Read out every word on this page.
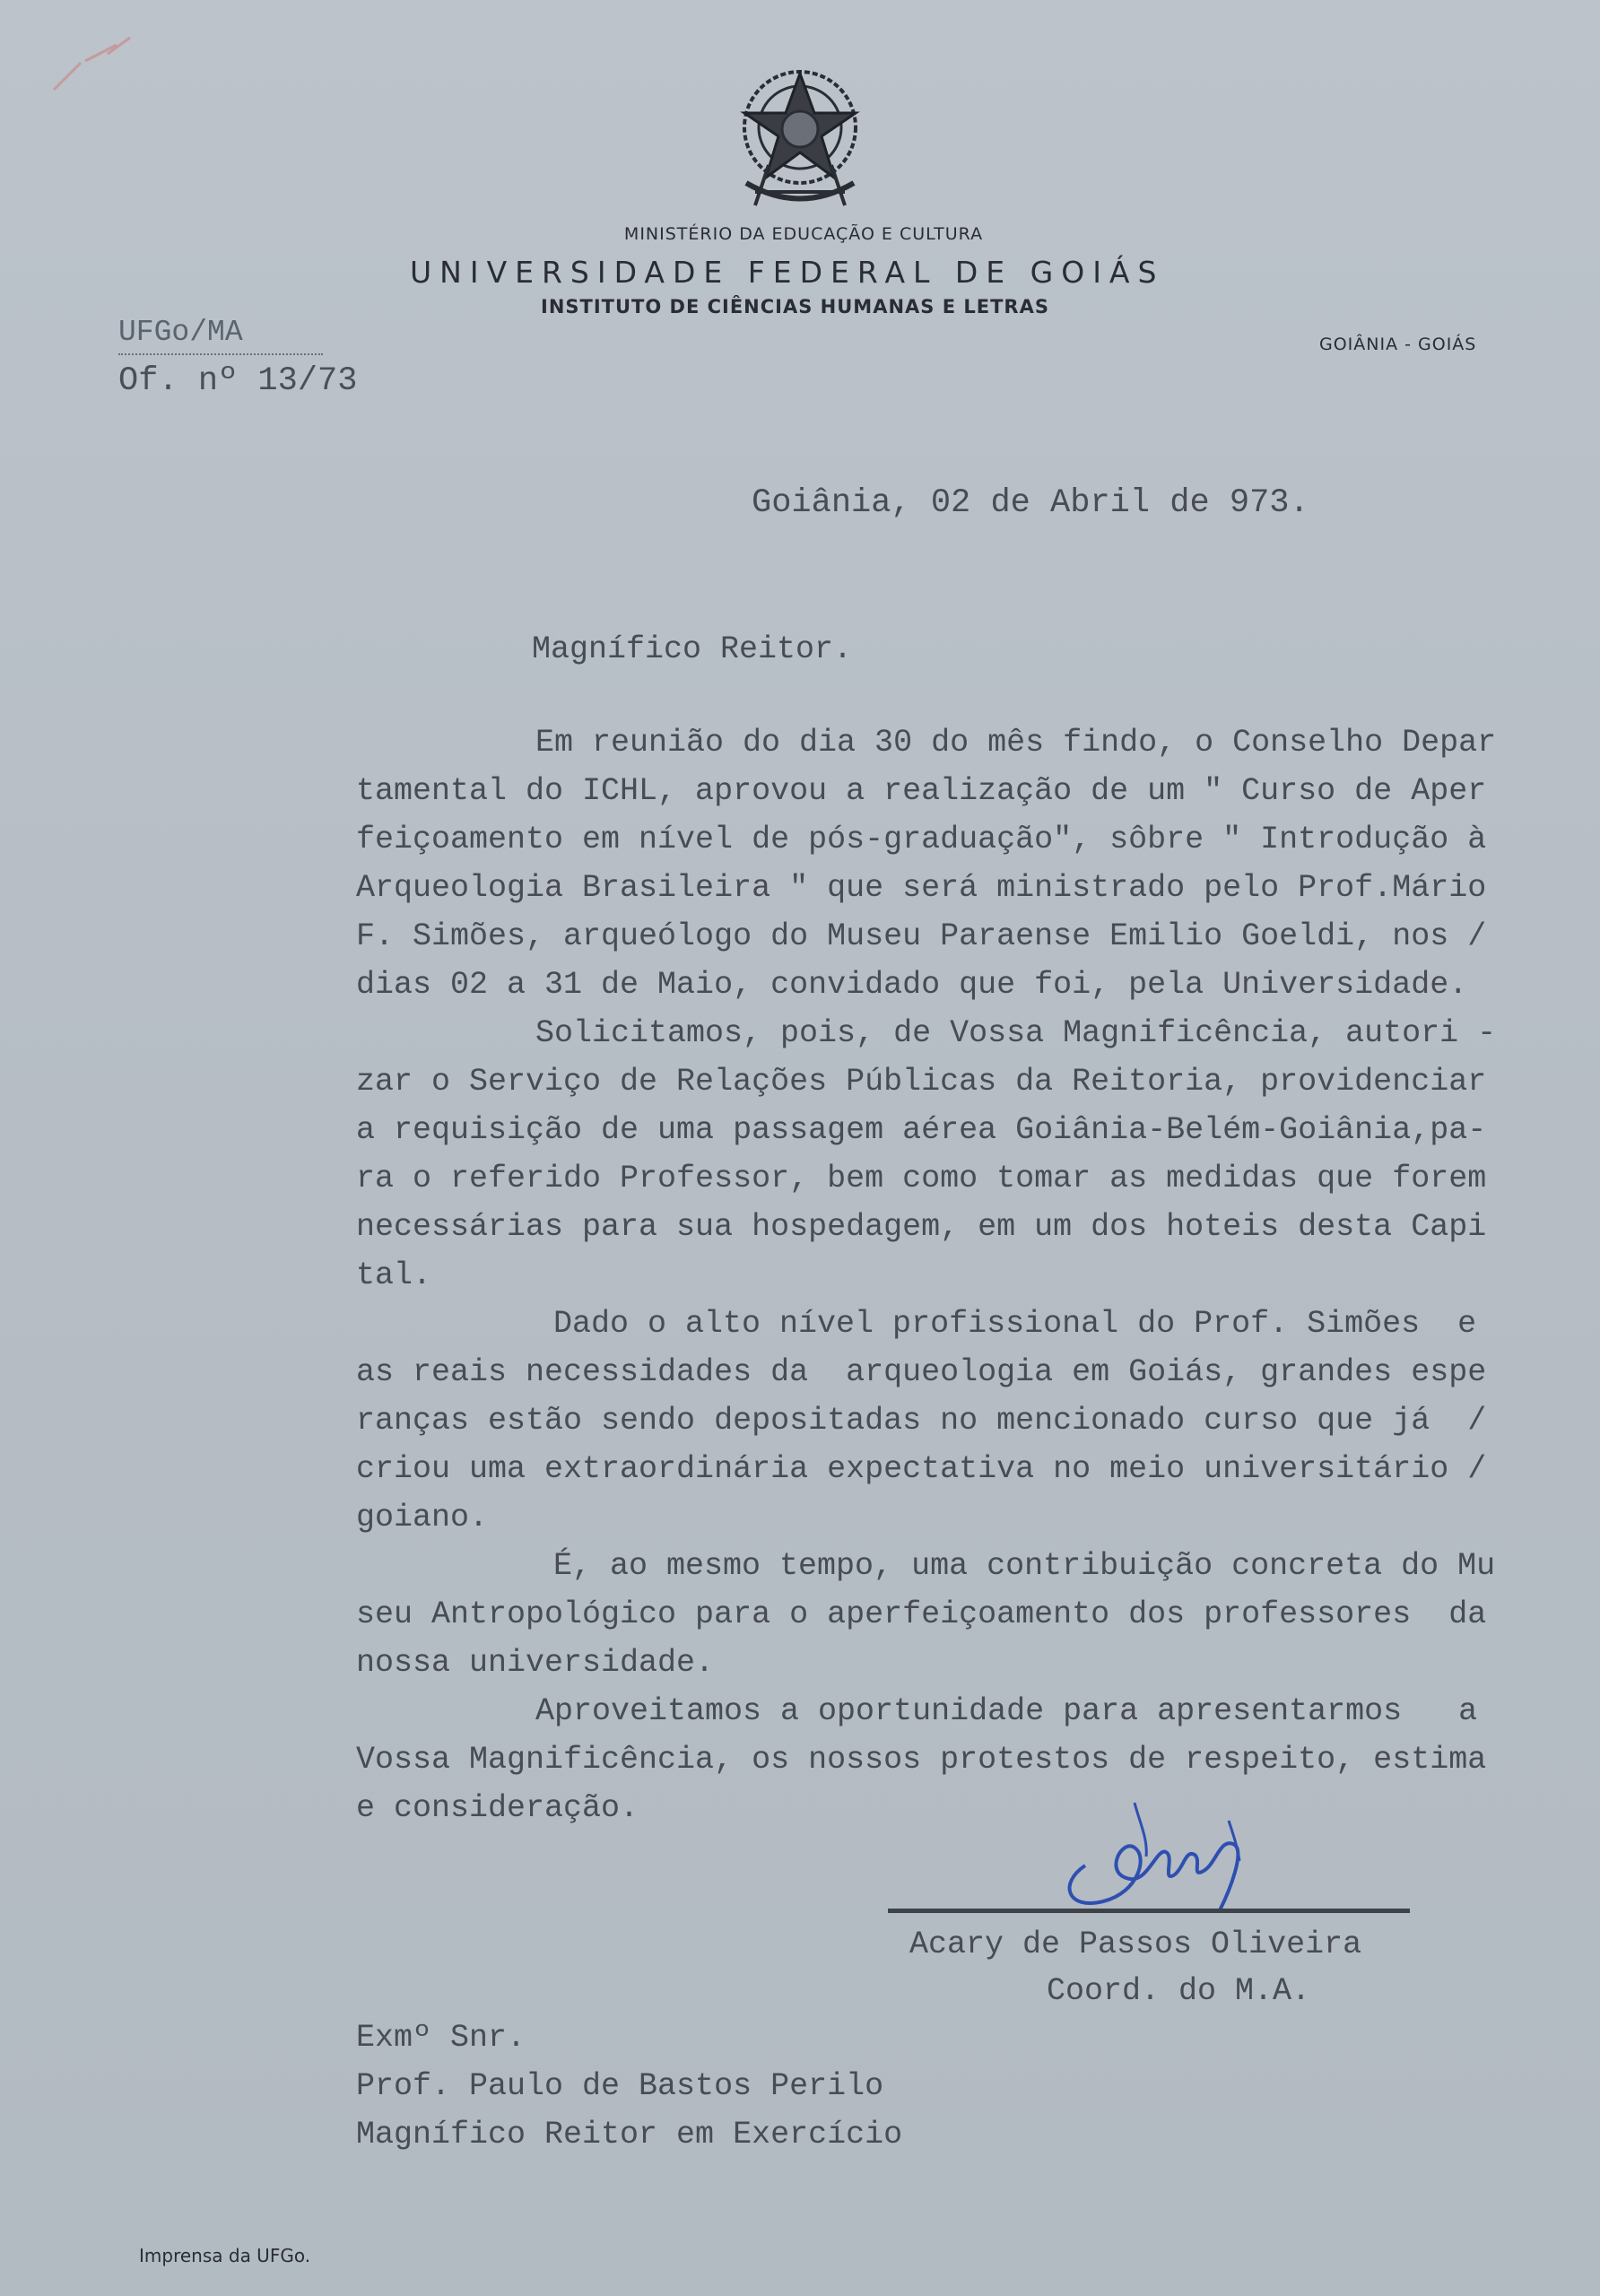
MINISTÉRIO DA EDUCAÇÃO E CULTURA
UNIVERSIDADE FEDERAL DE GOIÁS
INSTITUTO DE CIÊNCIAS HUMANAS E LETRAS
GOIÂNIA - GOIÁS
UFGo/MA
Of. nº 13/73
Goiânia, 02 de Abril de 973.
Magnífico Reitor.
Em reunião do dia 30 do mês findo, o Conselho Depar
tamental do ICHL, aprovou a realização de um " Curso de Aper
feiçoamento em nível de pós-graduação", sôbre " Introdução à
Arqueologia Brasileira " que será ministrado pelo Prof.Mário
F. Simões, arqueólogo do Museu Paraense Emilio Goeldi, nos /
dias 02 a 31 de Maio, convidado que foi, pela Universidade.
Solicitamos, pois, de Vossa Magnificência, autori -
zar o Serviço de Relações Públicas da Reitoria, providenciar
a requisição de uma passagem aérea Goiânia-Belém-Goiânia,pa-
ra o referido Professor, bem como tomar as medidas que forem
necessárias para sua hospedagem, em um dos hoteis desta Capi
tal.
Dado o alto nível profissional do Prof. Simões  e
as reais necessidades da  arqueologia em Goiás, grandes espe
ranças estão sendo depositadas no mencionado curso que já  /
criou uma extraordinária expectativa no meio universitário /
goiano.
É, ao mesmo tempo, uma contribuição concreta do Mu
seu Antropológico para o aperfeiçoamento dos professores  da
nossa universidade.
Aproveitamos a oportunidade para apresentarmos   a
Vossa Magnificência, os nossos protestos de respeito, estima
e consideração.
Acary de Passos Oliveira
Coord. do M.A.
Exmº Snr.
Prof. Paulo de Bastos Perilo
Magnífico Reitor em Exercício
Imprensa da UFGo.
